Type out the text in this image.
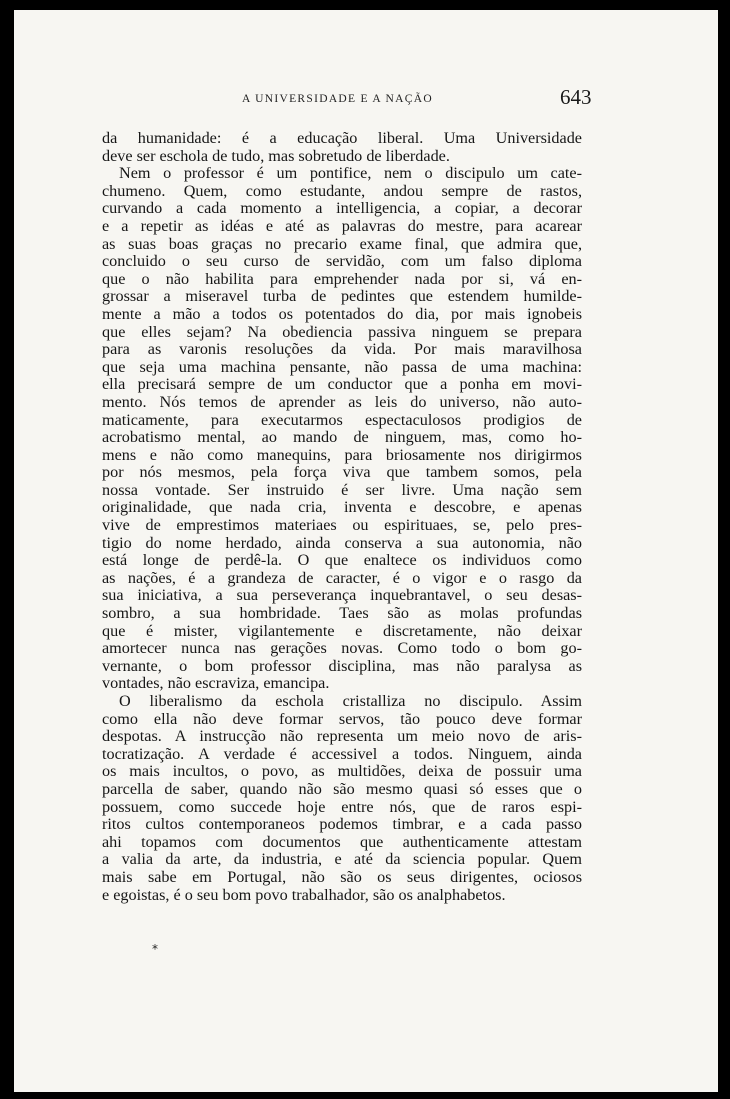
A UNIVERSIDADE E A NAÇÃO	643
da humanidade: é a educação liberal. Uma Universidade
deve ser eschola de tudo, mas sobretudo de liberdade.
Nem o professor é um pontifice, nem o discipulo um cate-
chumeno. Quem, como estudante, andou sempre de rastos,
curvando a cada momento a intelligencia, a copiar, a decorar
e a repetir as idéas e até as palavras do mestre, para acarear
as suas boas graças no precario exame final, que admira que,
concluido o seu curso de servidão, com um falso diploma
que o não habilita para emprehender nada por si, vá en-
grossar a miseravel turba de pedintes que estendem humilde-
mente a mão a todos os potentados do dia, por mais ignobeis
que elles sejam? Na obediencia passiva ninguem se prepara
para as varonis resoluções da vida. Por mais maravilhosa
que seja uma machina pensante, não passa de uma machina:
ella precisará sempre de um conductor que a ponha em movi-
mento. Nós temos de aprender as leis do universo, não auto-
maticamente, para executarmos espectaculosos prodigios de
acrobatismo mental, ao mando de ninguem, mas, como ho-
mens e não como manequins, para briosamente nos dirigirmos
por nós mesmos, pela força viva que tambem somos, pela
nossa vontade. Ser instruido é ser livre. Uma nação sem
originalidade, que nada cria, inventa e descobre, e apenas
vive de emprestimos materiaes ou espirituaes, se, pelo pres-
tigio do nome herdado, ainda conserva a sua autonomia, não
está longe de perdê-la. O que enaltece os individuos como
as nações, é a grandeza de caracter, é o vigor e o rasgo da
sua iniciativa, a sua perseverança inquebrantavel, o seu desas-
sombro, a sua hombridade. Taes são as molas profundas
que é mister, vigilantemente e discretamente, não deixar
amortecer nunca nas gerações novas. Como todo o bom go-
vernante, o bom professor disciplina, mas não paralysa as
vontades, não escraviza, emancipa.
O liberalismo da eschola cristalliza no discipulo. Assim
como ella não deve formar servos, tão pouco deve formar
despotas. A instrucção não representa um meio novo de aris-
tocratização. A verdade é accessivel a todos. Ninguem, ainda
os mais incultos, o povo, as multidões, deixa de possuir uma
parcella de saber, quando não são mesmo quasi só esses que o
possuem, como succede hoje entre nós, que de raros espi-
ritos cultos contemporaneos podemos timbrar, e a cada passo
ahi topamos com documentos que authenticamente attestam
a valia da arte, da industria, e até da sciencia popular. Quem
mais sabe em Portugal, não são os seus dirigentes, ociosos
e egoistas, é o seu bom povo trabalhador, são os analphabetos.
*
